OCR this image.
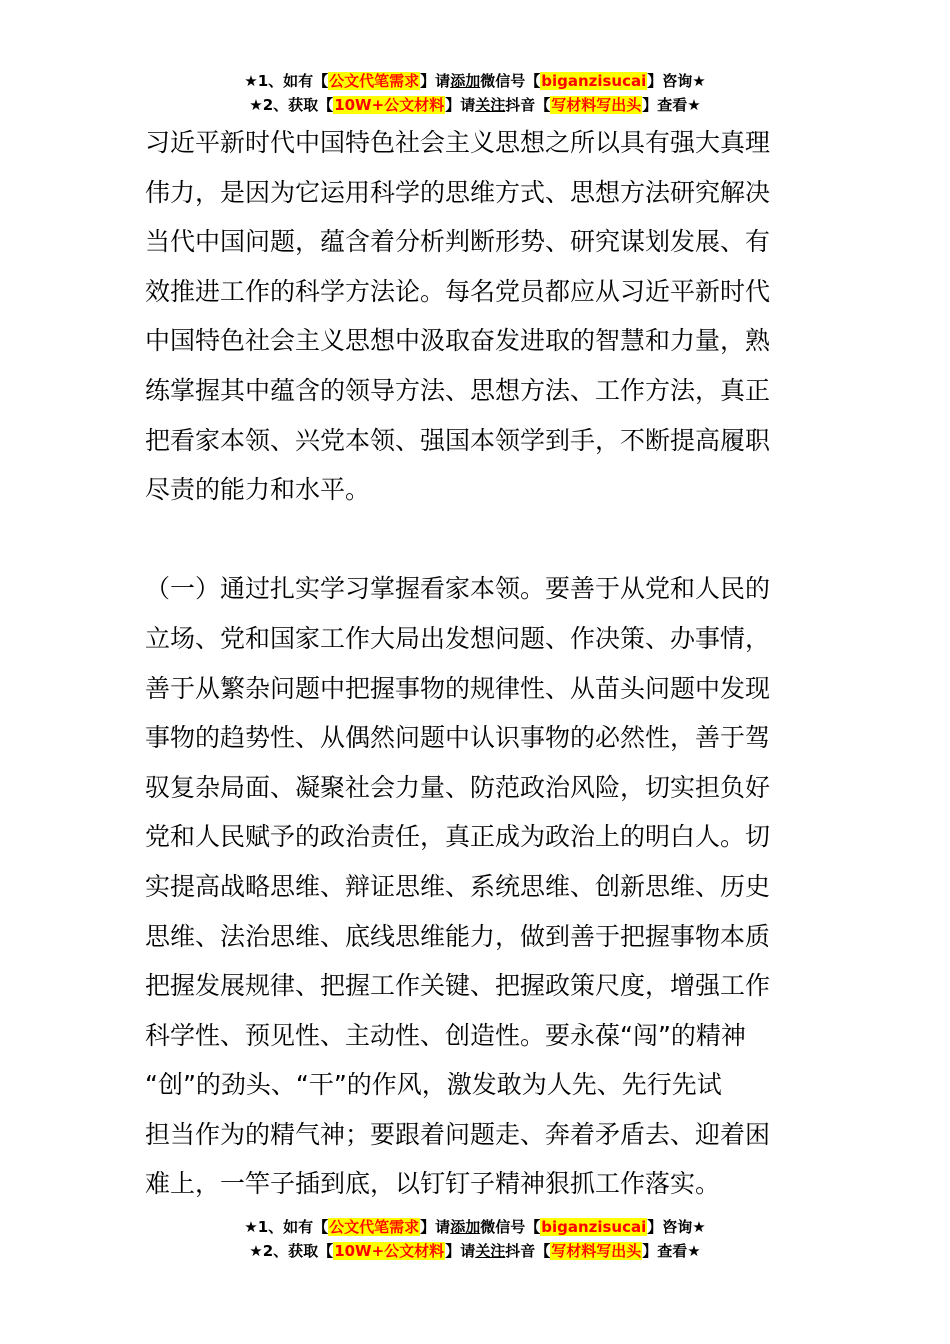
★1、如有【公文代笔需求】请添加微信号【biganzisucai】咨询★
★2、获取【10W+公文材料】请关注抖音【写材料写出头】查看★
习近平新时代中国特色社会主义思想之所以具有强大真理
伟力，是因为它运用科学的思维方式、思想方法研究解决
当代中国问题，蕴含着分析判断形势、研究谋划发展、有
效推进工作的科学方法论。每名党员都应从习近平新时代
中国特色社会主义思想中汲取奋发进取的智慧和力量，熟
练掌握其中蕴含的领导方法、思想方法、工作方法，真正
把看家本领、兴党本领、强国本领学到手，不断提高履职
尽责的能力和水平。
（一）通过扎实学习掌握看家本领。要善于从党和人民的
立场、党和国家工作大局出发想问题、作决策、办事情，
善于从繁杂问题中把握事物的规律性、从苗头问题中发现
事物的趋势性、从偶然问题中认识事物的必然性，善于驾
驭复杂局面、凝聚社会力量、防范政治风险，切实担负好
党和人民赋予的政治责任，真正成为政治上的明白人。切
实提高战略思维、辩证思维、系统思维、创新思维、历史
思维、法治思维、底线思维能力，做到善于把握事物本质
把握发展规律、把握工作关键、把握政策尺度，增强工作
科学性、预见性、主动性、创造性。要永葆“闯”的精神
“创”的劲头、“干”的作风，激发敢为人先、先行先试
担当作为的精气神；要跟着问题走、奔着矛盾去、迎着困
难上，一竿子插到底，以钉钉子精神狠抓工作落实。
★1、如有【公文代笔需求】请添加微信号【biganzisucai】咨询★
★2、获取【10W+公文材料】请关注抖音【写材料写出头】查看★
